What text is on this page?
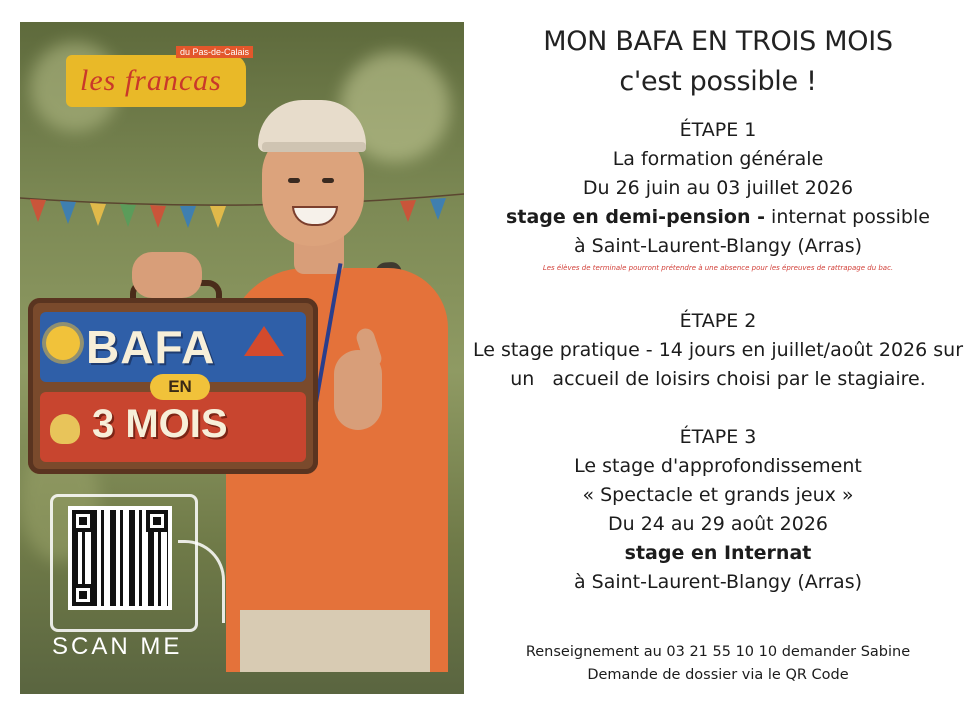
du Pas-de-Calais
les francas
BAFA
EN
3 MOIS
SCAN ME
MON BAFA EN TROIS MOIS
c'est possible !
ÉTAPE 1
La formation générale
Du 26 juin au 03 juillet 2026
stage en demi-pension - internat possible
à Saint-Laurent-Blangy (Arras)
Les élèves de terminale pourront prétendre à une absence pour les épreuves de rattrapage du bac.
ÉTAPE 2
Le stage pratique - 14 jours en juillet/août 2026 sur
un   accueil de loisirs choisi par le stagiaire.
ÉTAPE 3
Le stage d'approfondissement
« Spectacle et grands jeux »
Du 24 au 29 août 2026
stage en Internat
à Saint-Laurent-Blangy (Arras)
Renseignement au 03 21 55 10 10 demander Sabine
Demande de dossier via le QR Code
